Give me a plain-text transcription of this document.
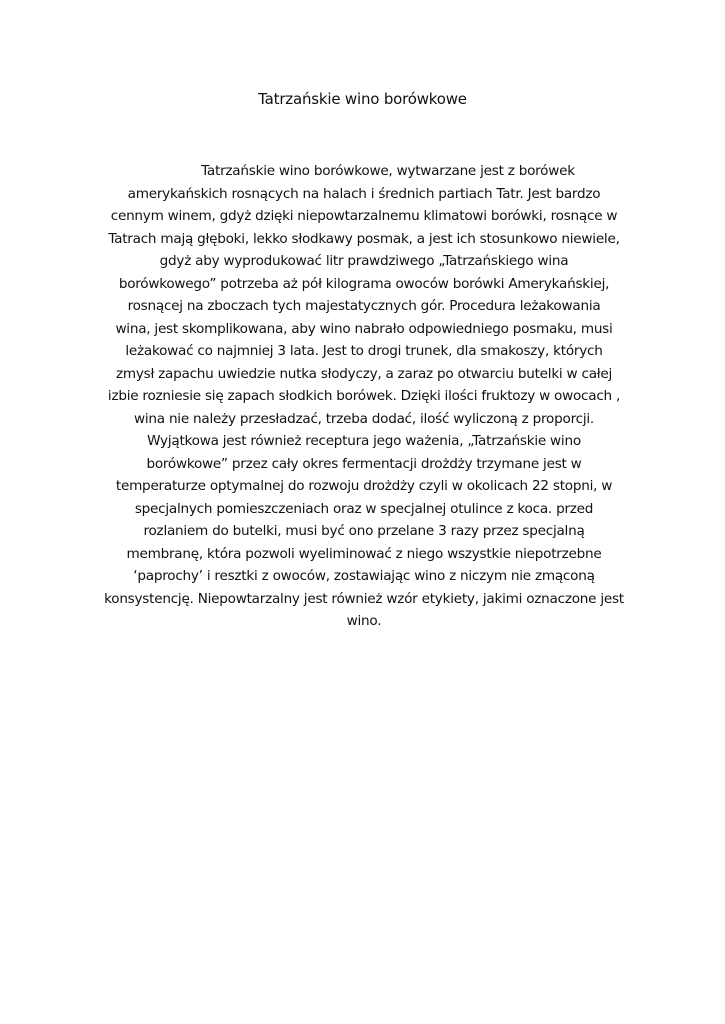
Tatrzańskie wino borówkowe
Tatrzańskie wino borówkowe, wytwarzane jest z borówek
amerykańskich rosnących na halach i średnich partiach Tatr. Jest bardzo
cennym winem, gdyż dzięki niepowtarzalnemu klimatowi borówki, rosnące w
Tatrach mają głęboki, lekko słodkawy posmak, a jest ich stosunkowo niewiele,
gdyż aby wyprodukować litr prawdziwego „Tatrzańskiego wina
borówkowego” potrzeba aż pół kilograma owoców borówki Amerykańskiej,
rosnącej na zboczach tych majestatycznych gór. Procedura leżakowania
wina, jest skomplikowana, aby wino nabrało odpowiedniego posmaku, musi
leżakować co najmniej 3 lata. Jest to drogi trunek, dla smakoszy, których
zmysł zapachu uwiedzie nutka słodyczy, a zaraz po otwarciu butelki w całej
izbie rozniesie się zapach słodkich borówek. Dzięki ilości fruktozy w owocach ,
wina nie należy przesładzać, trzeba dodać, ilość wyliczoną z proporcji.
Wyjątkowa jest również receptura jego ważenia, „Tatrzańskie wino
borówkowe” przez cały okres fermentacji drożdży trzymane jest w
temperaturze optymalnej do rozwoju drożdży czyli w okolicach 22 stopni, w
specjalnych pomieszczeniach oraz w specjalnej otulince z koca. przed
rozlaniem do butelki, musi być ono przelane 3 razy przez specjalną
membranę, która pozwoli wyeliminować z niego wszystkie niepotrzebne
‘paprochy’ i resztki z owoców, zostawiając wino z niczym nie zmąconą
konsystencję. Niepowtarzalny jest również wzór etykiety, jakimi oznaczone jest
wino.
